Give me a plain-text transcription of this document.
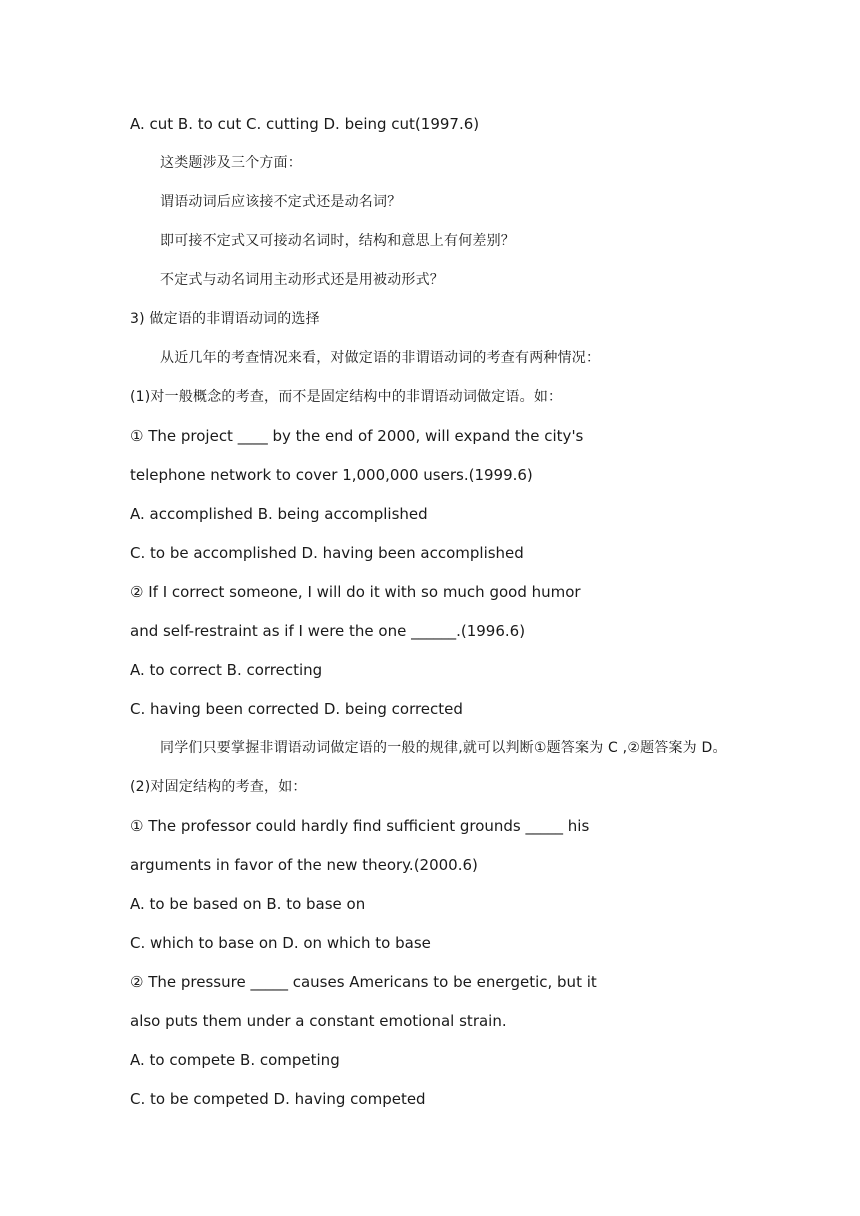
A. cut B. to cut C. cutting D. being cut(1997.6)
这类题涉及三个方面：
谓语动词后应该接不定式还是动名词？
即可接不定式又可接动名词时，结构和意思上有何差别？
不定式与动名词用主动形式还是用被动形式？
3) 做定语的非谓语动词的选择
从近几年的考查情况来看，对做定语的非谓语动词的考查有两种情况：
(1)对一般概念的考查，而不是固定结构中的非谓语动词做定语。如：
① The project ____ by the end of 2000, will expand the city's
telephone network to cover 1,000,000 users.(1999.6)
A. accomplished B. being accomplished
C. to be accomplished D. having been accomplished
② If I correct someone, I will do it with so much good humor
and self-restraint as if I were the one ______.(1996.6)
A. to correct B. correcting
C. having been corrected D. being corrected
同学们只要掌握非谓语动词做定语的一般的规律,就可以判断①题答案为 C ,②题答案为 D。
(2)对固定结构的考查，如：
① The professor could hardly find sufficient grounds _____ his
arguments in favor of the new theory.(2000.6)
A. to be based on B. to base on
C. which to base on D. on which to base
② The pressure _____ causes Americans to be energetic, but it
also puts them under a constant emotional strain.
A. to compete B. competing
C. to be competed D. having competed
